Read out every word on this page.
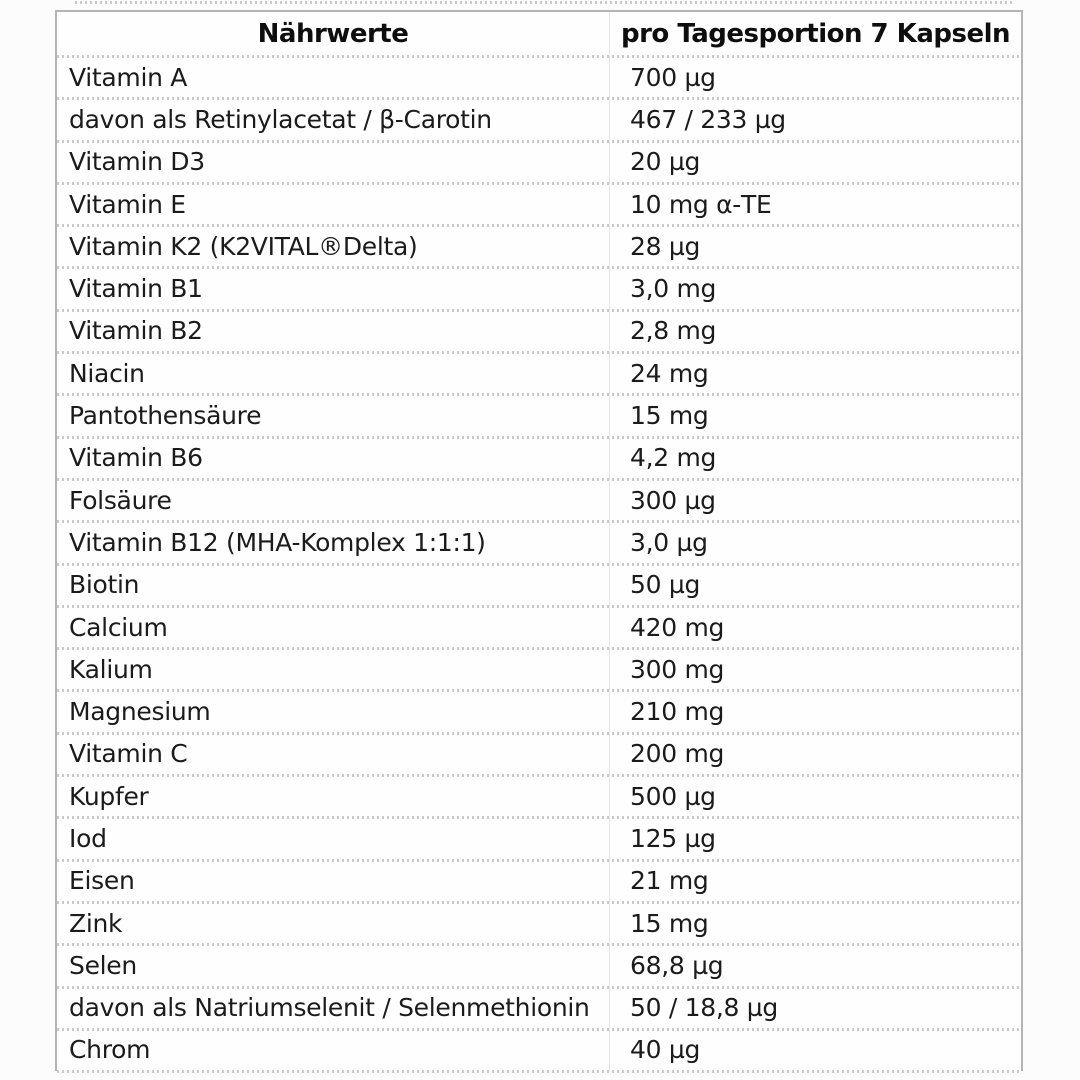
Nährwerte	pro Tagesportion 7 Kapseln
Vitamin A	700 µg
davon als Retinylacetat / β-Carotin	467 / 233 µg
Vitamin D3	20 µg
Vitamin E	10 mg α-TE
Vitamin K2 (K2VITAL®Delta)	28 µg
Vitamin B1	3,0 mg
Vitamin B2	2,8 mg
Niacin	24 mg
Pantothensäure	15 mg
Vitamin B6	4,2 mg
Folsäure	300 µg
Vitamin B12 (MHA-Komplex 1:1:1)	3,0 µg
Biotin	50 µg
Calcium	420 mg
Kalium	300 mg
Magnesium	210 mg
Vitamin C	200 mg
Kupfer	500 µg
Iod	125 µg
Eisen	21 mg
Zink	15 mg
Selen	68,8 µg
davon als Natriumselenit / Selenmethionin	50 / 18,8 µg
Chrom	40 µg
